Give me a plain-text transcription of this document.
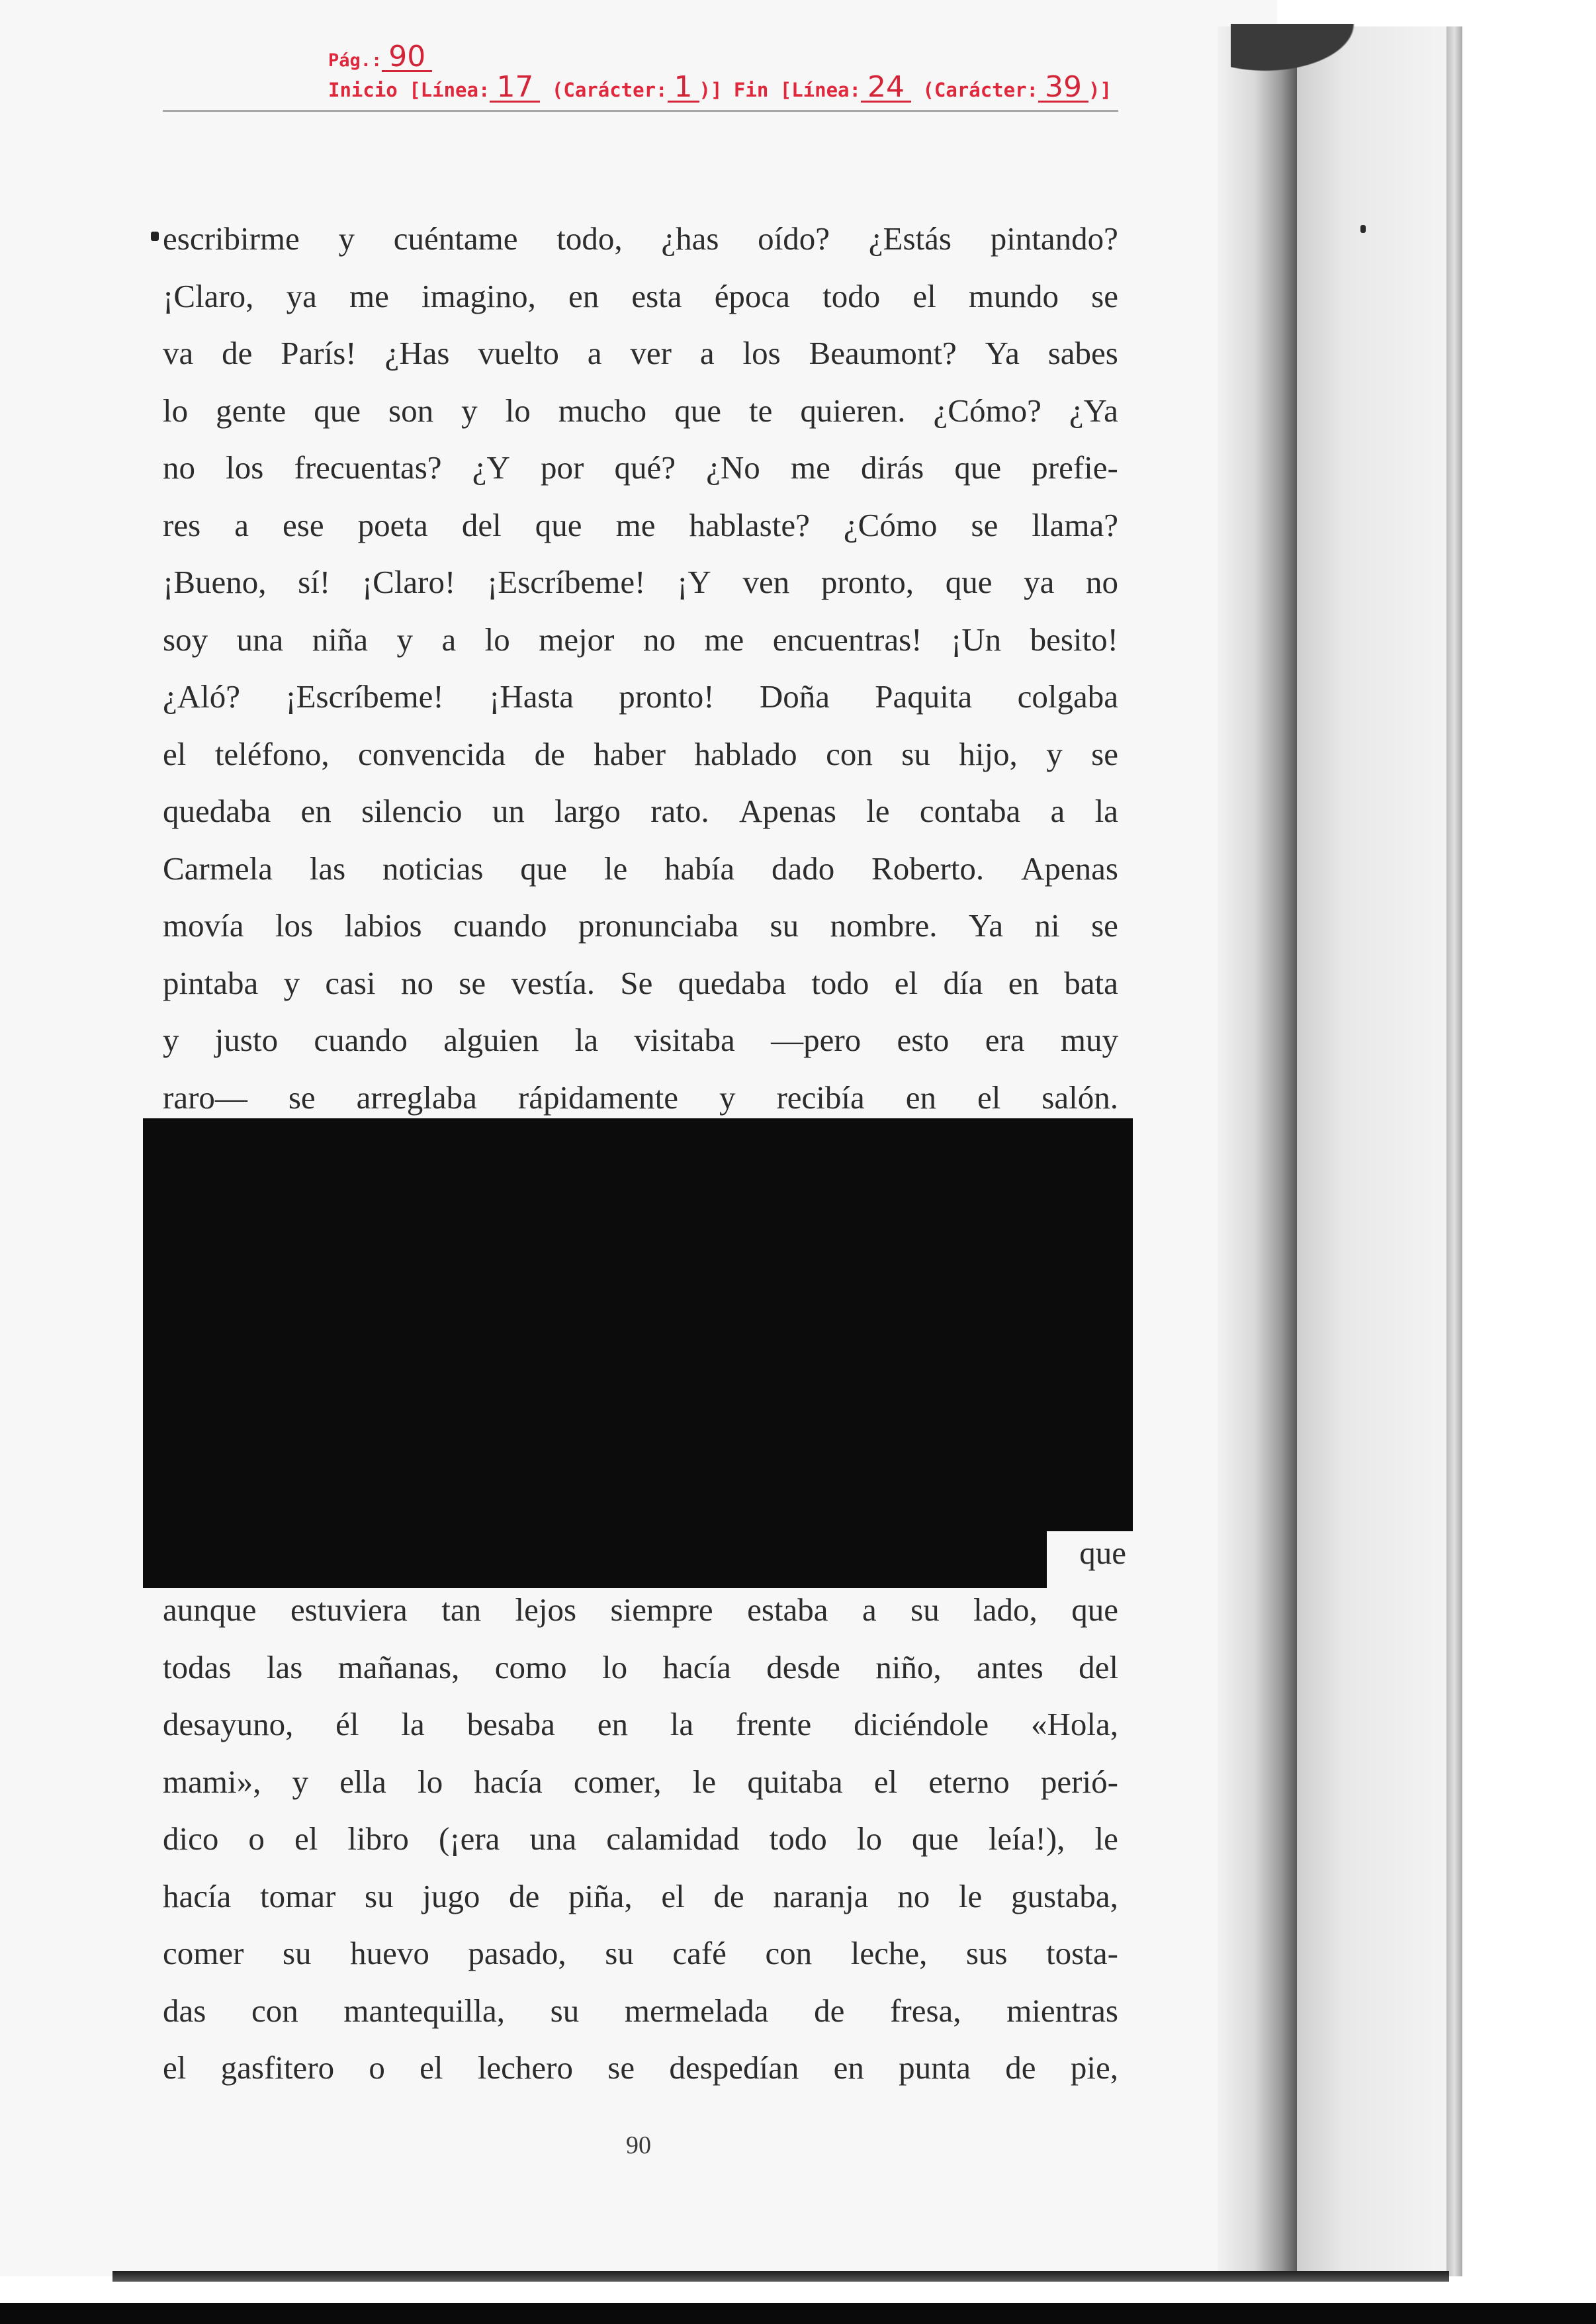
Pág.: 90
Inicio [Línea: 17 (Carácter: 1 )] Fin [Línea: 24 (Carácter: 39 )]
escribirme y cuéntame todo, ¿has oído? ¿Estás pintando?
¡Claro, ya me imagino, en esta época todo el mundo se
va de París! ¿Has vuelto a ver a los Beaumont? Ya sabes
lo gente que son y lo mucho que te quieren. ¿Cómo? ¿Ya
no los frecuentas? ¿Y por qué? ¿No me dirás que prefie-
res a ese poeta del que me hablaste? ¿Cómo se llama?
¡Bueno, sí! ¡Claro! ¡Escríbeme! ¡Y ven pronto, que ya no
soy una niña y a lo mejor no me encuentras! ¡Un besito!
¿Aló? ¡Escríbeme! ¡Hasta pronto! Doña Paquita colgaba
el teléfono, convencida de haber hablado con su hijo, y se
quedaba en silencio un largo rato. Apenas le contaba a la
Carmela las noticias que le había dado Roberto. Apenas
movía los labios cuando pronunciaba su nombre. Ya ni se
pintaba y casi no se vestía. Se quedaba todo el día en bata
y justo cuando alguien la visitaba —pero esto era muy
raro— se arreglaba rápidamente y recibía en el salón.
que
aunque estuviera tan lejos siempre estaba a su lado, que
todas las mañanas, como lo hacía desde niño, antes del
desayuno, él la besaba en la frente diciéndole «Hola,
mami», y ella lo hacía comer, le quitaba el eterno perió-
dico o el libro (¡era una calamidad todo lo que leía!), le
hacía tomar su jugo de piña, el de naranja no le gustaba,
comer su huevo pasado, su café con leche, sus tosta-
das con mantequilla, su mermelada de fresa, mientras
el gasfitero o el lechero se despedían en punta de pie,
90
